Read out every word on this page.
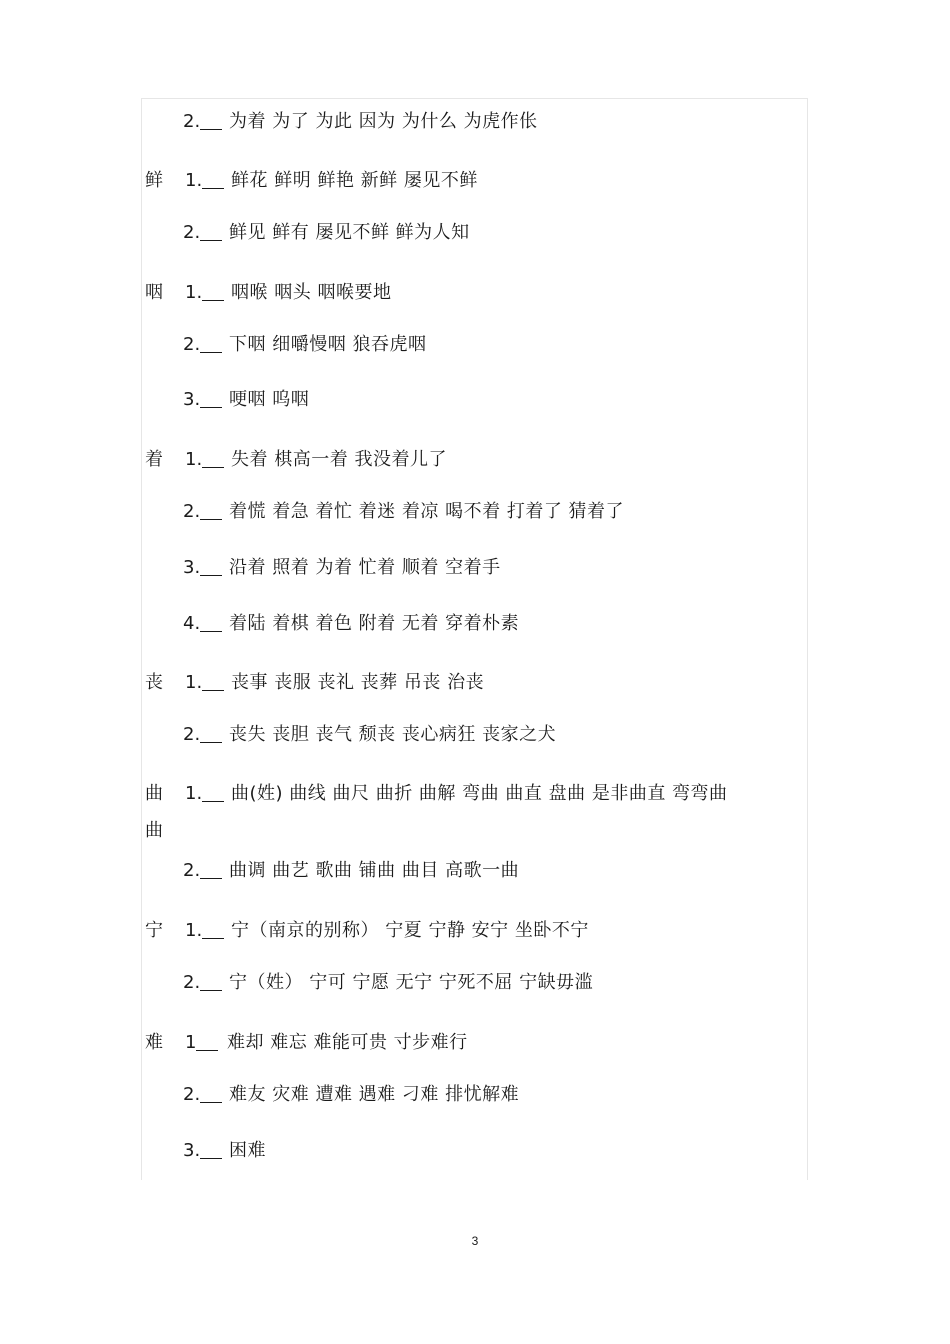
2. 为着 为了 为此 因为 为什么 为虎作伥
鲜 1. 鲜花 鲜明 鲜艳 新鲜 屡见不鲜
2. 鲜见 鲜有 屡见不鲜 鲜为人知
咽 1. 咽喉 咽头 咽喉要地
2. 下咽 细嚼慢咽 狼吞虎咽
3. 哽咽 呜咽
着 1. 失着 棋高一着 我没着儿了
2. 着慌 着急 着忙 着迷 着凉 喝不着 打着了 猜着了
3. 沿着 照着 为着 忙着 顺着 空着手
4. 着陆 着棋 着色 附着 无着 穿着朴素
丧 1. 丧事 丧服 丧礼 丧葬 吊丧 治丧
2. 丧失 丧胆 丧气 颓丧 丧心病狂 丧家之犬
曲 1. 曲(姓) 曲线 曲尺 曲折 曲解 弯曲 曲直 盘曲 是非曲直 弯弯曲
曲
2. 曲调 曲艺 歌曲 铺曲 曲目 高歌一曲
宁 1. 宁（南京的别称） 宁夏 宁静 安宁 坐卧不宁
2. 宁（姓） 宁可 宁愿 无宁 宁死不屈 宁缺毋滥
难 1 难却 难忘 难能可贵 寸步难行
2. 难友 灾难 遭难 遇难 刁难 排忧解难
3. 困难
3
